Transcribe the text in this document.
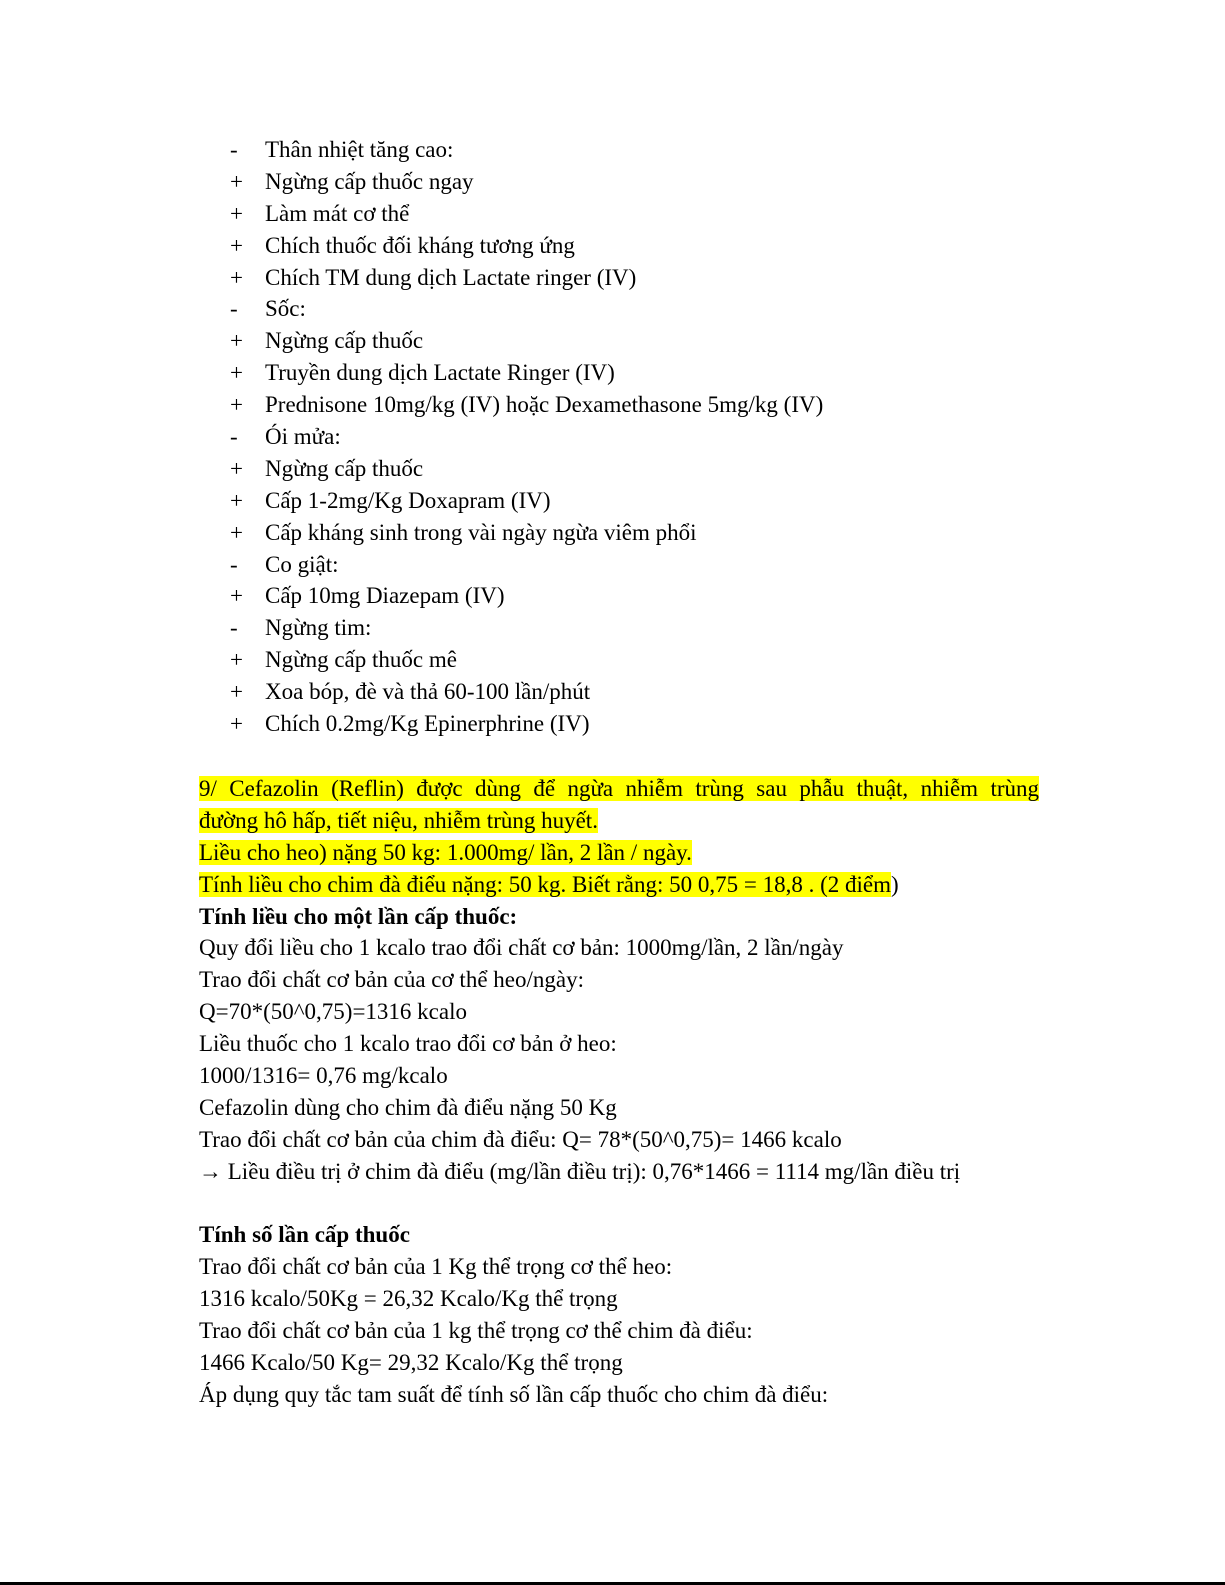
-	Thân nhiệt tăng cao:
+ Ngừng cấp thuốc ngay
+ Làm mát cơ thể
+ Chích thuốc đối kháng tương ứng
+ Chích TM dung dịch Lactate ringer (IV)
-	Sốc:
+ Ngừng cấp thuốc
+ Truyền dung dịch Lactate Ringer (IV)
+ Prednisone 10mg/kg (IV) hoặc Dexamethasone 5mg/kg (IV)
-	Ói mửa:
+ Ngừng cấp thuốc
+ Cấp 1-2mg/Kg Doxapram (IV)
+ Cấp kháng sinh trong vài ngày ngừa viêm phổi
-	Co giật:
+ Cấp 10mg Diazepam (IV)
-	Ngừng tim:
+ Ngừng cấp thuốc mê
+ Xoa bóp, đè và thả 60-100 lần/phút
+ Chích 0.2mg/Kg Epinerphrine (IV)
9/ Cefazolin (Reflin) được dùng để ngừa nhiễm trùng sau phẫu thuật, nhiễm trùng
đường hô hấp, tiết niệu, nhiễm trùng huyết.
Liều cho heo) nặng 50 kg: 1.000mg/ lần, 2 lần / ngày.
Tính liều cho chim đà điểu nặng: 50 kg. Biết rằng: 50 0,75 = 18,8 . (2 điểm)
Tính liều cho một lần cấp thuốc:
Quy đổi liều cho 1 kcalo trao đổi chất cơ bản: 1000mg/lần, 2 lần/ngày
Trao đổi chất cơ bản của cơ thể heo/ngày:
Q=70*(50^0,75)=1316 kcalo
Liều thuốc cho 1 kcalo trao đổi cơ bản ở heo:
1000/1316= 0,76 mg/kcalo
Cefazolin dùng cho chim đà điểu nặng 50 Kg
Trao đổi chất cơ bản của chim đà điểu: Q= 78*(50^0,75)= 1466 kcalo
→ Liều điều trị ở chim đà điểu (mg/lần điều trị): 0,76*1466 = 1114 mg/lần điều trị
Tính số lần cấp thuốc
Trao đổi chất cơ bản của 1 Kg thể trọng cơ thể heo:
1316 kcalo/50Kg = 26,32 Kcalo/Kg thể trọng
Trao đổi chất cơ bản của 1 kg thể trọng cơ thể chim đà điểu:
1466 Kcalo/50 Kg= 29,32 Kcalo/Kg thể trọng
Áp dụng quy tắc tam suất để tính số lần cấp thuốc cho chim đà điểu:
